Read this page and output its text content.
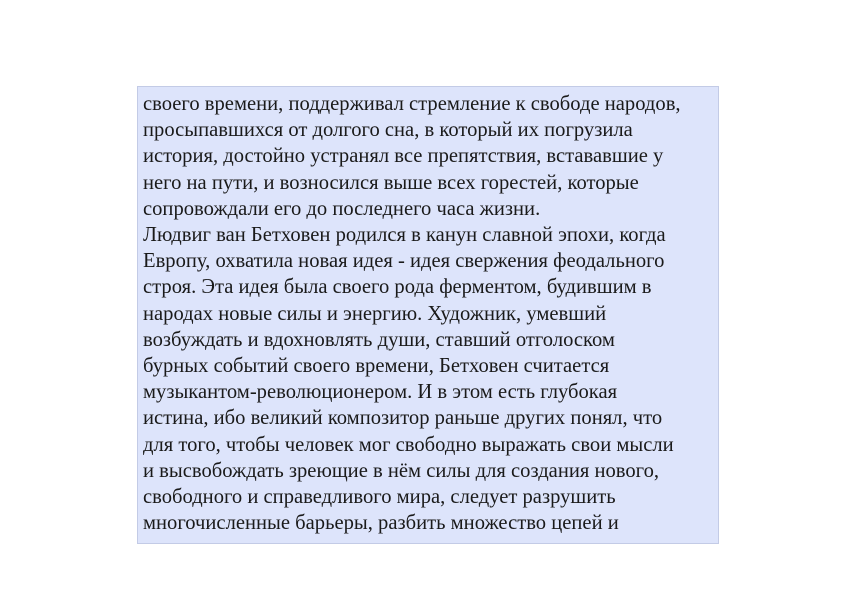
своего времени, поддерживал стремление к свободе народов,
просыпавшихся от долгого сна, в который их погрузила
история, достойно устранял все препятствия, встававшие у
него на пути, и возносился выше всех горестей, которые
сопровождали его до последнего часа жизни.
Людвиг ван Бетховен родился в канун славной эпохи, когда
Европу, охватила новая идея - идея свержения феодального
строя. Эта идея была своего рода ферментом, будившим в
народах новые силы и энергию. Художник, умевший
возбуждать и вдохновлять души, ставший отголоском
бурных событий своего времени, Бетховен считается
музыкантом-революционером. И в этом есть глубокая
истина, ибо великий композитор раньше других понял, что
для того, чтобы человек мог свободно выражать свои мысли
и высвобождать зреющие в нём силы для создания нового,
свободного и справедливого мира, следует разрушить
многочисленные барьеры, разбить множество цепей и
